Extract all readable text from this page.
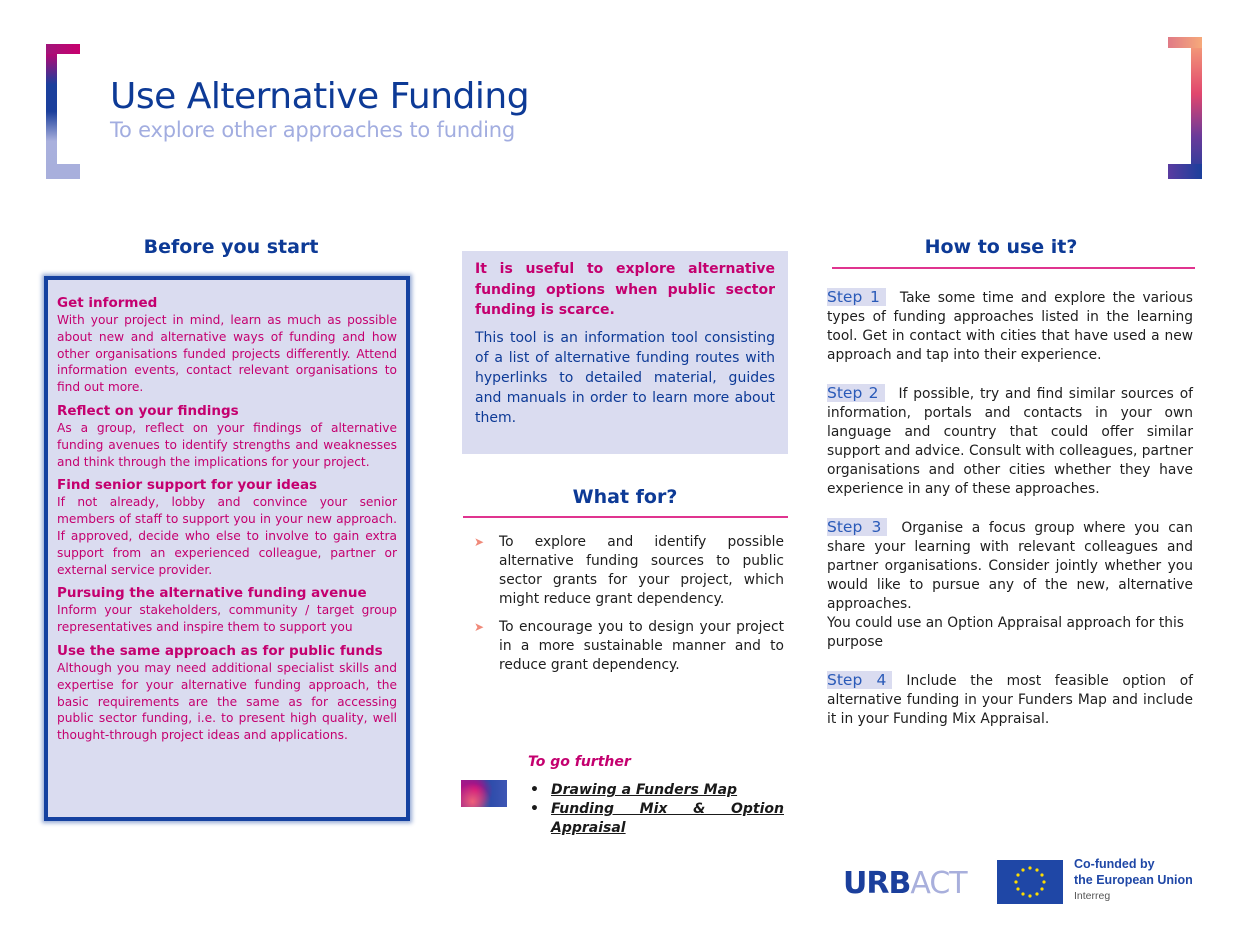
Use Alternative Funding
To explore other approaches to funding
Before you start
Get informed
With your project in mind, learn as much as possible about new and alternative ways of funding and how other organisations funded projects differently. Attend information events, contact relevant organisations to find out more.
Reflect on your findings
As a group, reflect on your findings of alternative funding avenues to identify strengths and weaknesses and think through the implications for your project.
Find senior support for your ideas
If not already, lobby and convince your senior members of staff to support you in your new approach. If approved, decide who else to involve to gain extra support from an experienced colleague, partner or external service provider.
Pursuing the alternative funding avenue
Inform your stakeholders, community / target group representatives and inspire them to support you
Use the same approach as for public funds
Although you may need additional specialist skills and expertise for your alternative funding approach, the basic requirements are the same as for accessing public sector funding, i.e. to present high quality, well thought-through project ideas and applications.
It is useful to explore alternative funding options when public sector funding is scarce.
This tool is an information tool consisting of a list of alternative funding routes with hyperlinks to detailed material, guides and manuals in order to learn more about them.
What for?
➤ To explore and identify possible alternative funding sources to public sector grants for your project, which might reduce grant dependency.
➤ To encourage you to design your project in a more sustainable manner and to reduce grant dependency.
To go further
• Drawing a Funders Map
• Funding Mix & Option Appraisal
How to use it?
Step 1 Take some time and explore the various types of funding approaches listed in the learning tool. Get in contact with cities that have used a new approach and tap into their experience.
Step 2 If possible, try and find similar sources of information, portals and contacts in your own language and country that could offer similar support and advice. Consult with colleagues, partner organisations and other cities whether they have experience in any of these approaches.
Step 3 Organise a focus group where you can share your learning with relevant colleagues and partner organisations. Consider jointly whether you would like to pursue any of the new, alternative approaches.
You could use an Option Appraisal approach for this purpose
Step 4 Include the most feasible option of alternative funding in your Funders Map and include it in your Funding Mix Appraisal.
URBACT
Co-funded by
the European Union
Interreg
